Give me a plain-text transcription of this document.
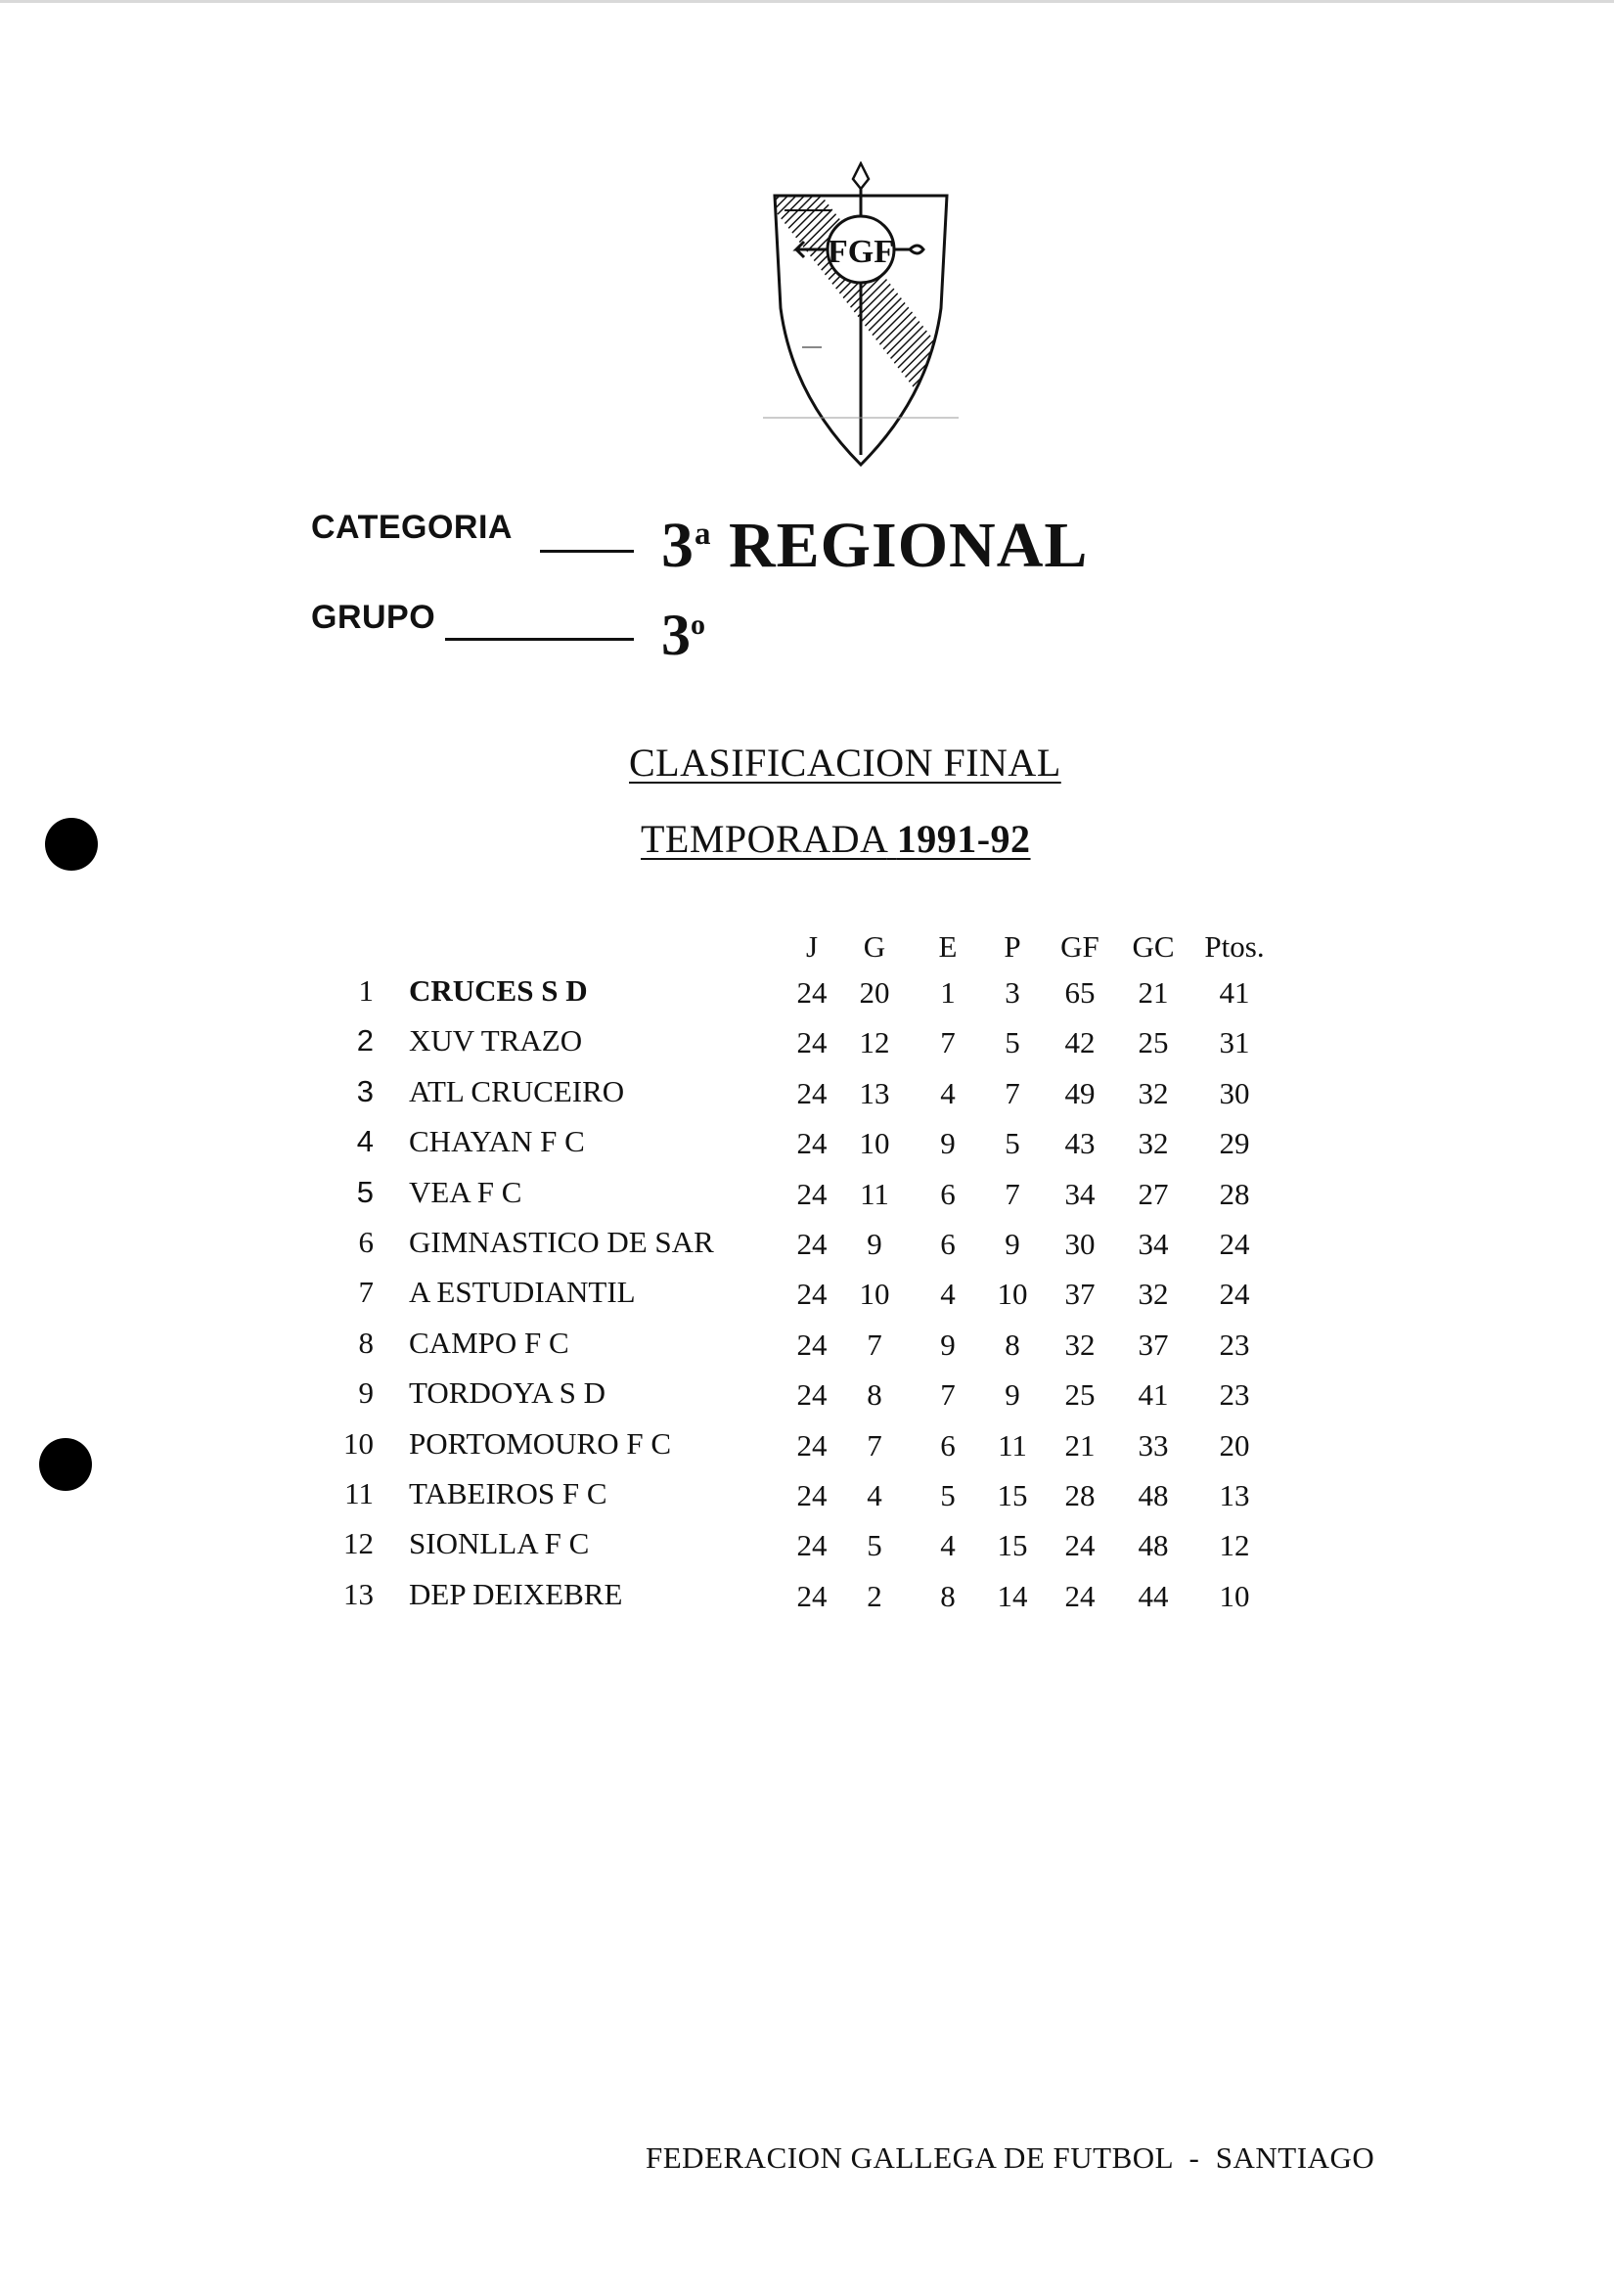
FGF
CATEGORIA 3$^a$ REGIONAL
GRUPO	3$^o$
CLASIFICACION FINAL
TEMPORADA 1991-92
J	G	E	P	GF	GC Ptos.
1 CRUCES S D	24	20	1	3	65	21	41
2 XUV TRAZO	24	12	7	5	42	25	31
3 ATL CRUCEIRO	24	13	4	7	49	32	30
4 CHAYAN F C	24	10	9	5	43	32	29
5 VEA F C	24	11	6	7	34	27	28
6 GIMNASTICO DE SAR	24	9	6	9	30	34	24
7 A ESTUDIANTIL	24	10	4	10	37	32	24
8 CAMPO F C	24	7	9	8	32	37	23
9 TORDOYA S D	24	8	7	9	25	41	23
10 PORTOMOURO F C	24	7	6	11	21	33	20
11 TABEIROS F C	24	4	5	15	28	48	13
12 SIONLLA F C	24	5	4	15	24	48	12
13 DEP DEIXEBRE	24	2	8	14	24	44	10
FEDERACION GALLEGA DE FUTBOL  -  SANTIAGO
